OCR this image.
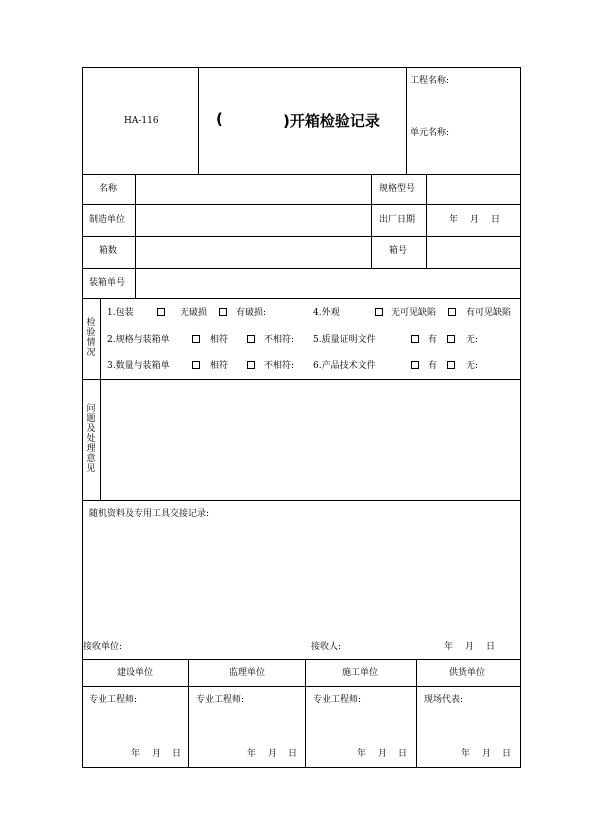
HA-116	(	)开箱检验记录
工程名称:
单元名称:
名称	规格型号
制造单位	出厂日期	年 月 日
箱数	箱号
装箱单号
检验情况
1.包装	无破损	有破损:	4.外观	无可见缺陷	有可见缺陷
2.规格与装箱单	相符	不相符: 5.质量证明文件	有	无:
3.数量与装箱单	相符	不相符: 6.产品技术文件	有	无:
问题及处理意见
随机资料及专用工具交接记录:
接收单位:	接收人:	年 月 日
建设单位	监理单位	施工单位	供货单位
专业工程师:	专业工程师:	专业工程师:	现场代表:
年 月 日	年 月 日	年 月 日	年 月 日
